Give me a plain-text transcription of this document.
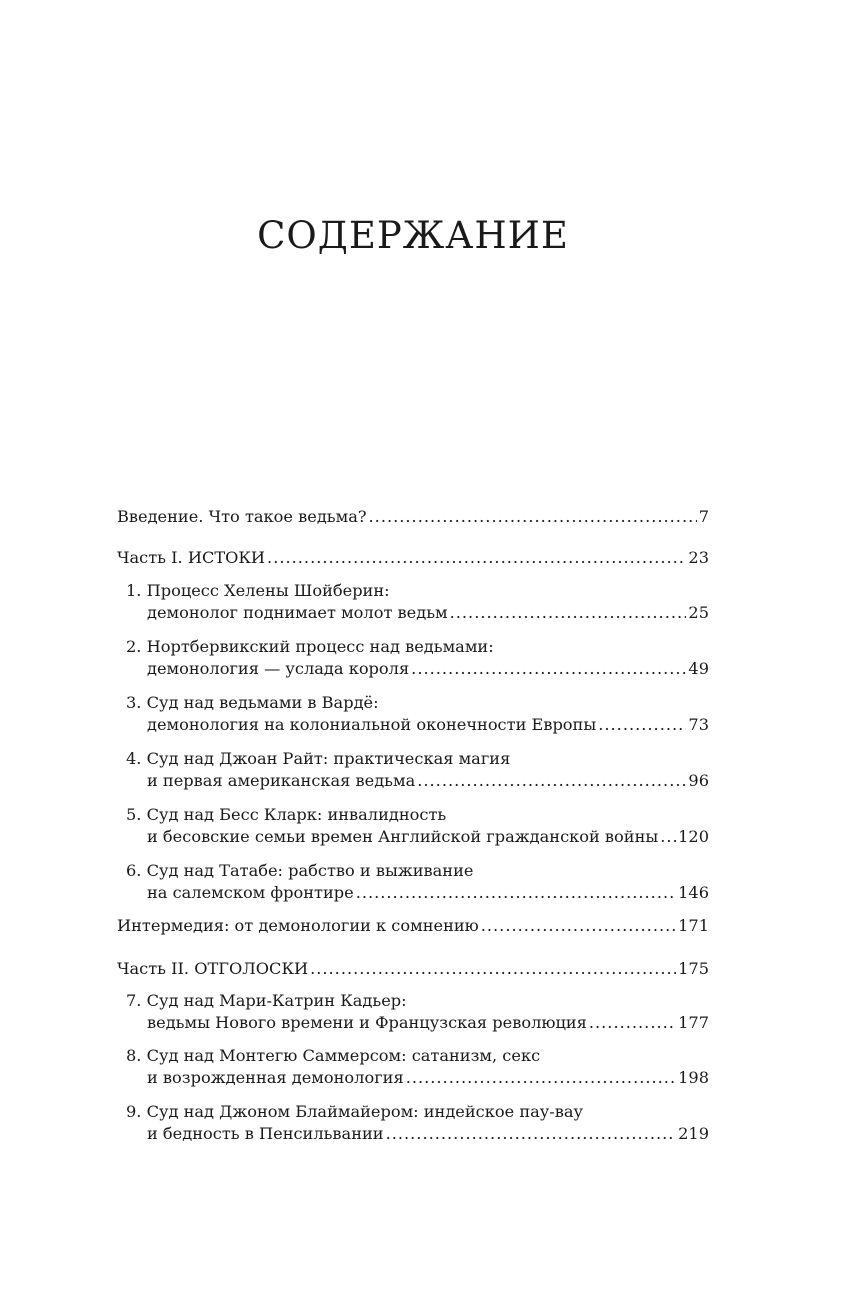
СОДЕРЖАНИЕ
Введение. Что такое ведьма? .....	7
Часть I. ИСТОКИ .....	23
1. Процесс Хелены Шойберин:
демонолог поднимает молот ведьм .....	25
2. Нортбервикский процесс над ведьмами:
демонология — услада короля .....	49
3. Суд над ведьмами в Вардё:
демонология на колониальной оконечности Европы .....	73
4. Суд над Джоан Райт: практическая магия
и первая американская ведьма .....	96
5. Суд над Бесс Кларк: инвалидность
и бесовские семьи времен Английской гражданской войны ..... 120
6. Суд над Татабе: рабство и выживание
на салемском фронтире .....	146
Интермедия: от демонологии к сомнению .....	171
Часть II. ОТГОЛОСКИ .....	175
7. Суд над Мари-Катрин Кадьер:
ведьмы Нового времени и Французская революция .....	177
8. Суд над Монтегю Саммерсом: сатанизм, секс
и возрожденная демонология .....	198
9. Суд над Джоном Блаймайером: индейское пау-вау
и бедность в Пенсильвании .....	219
